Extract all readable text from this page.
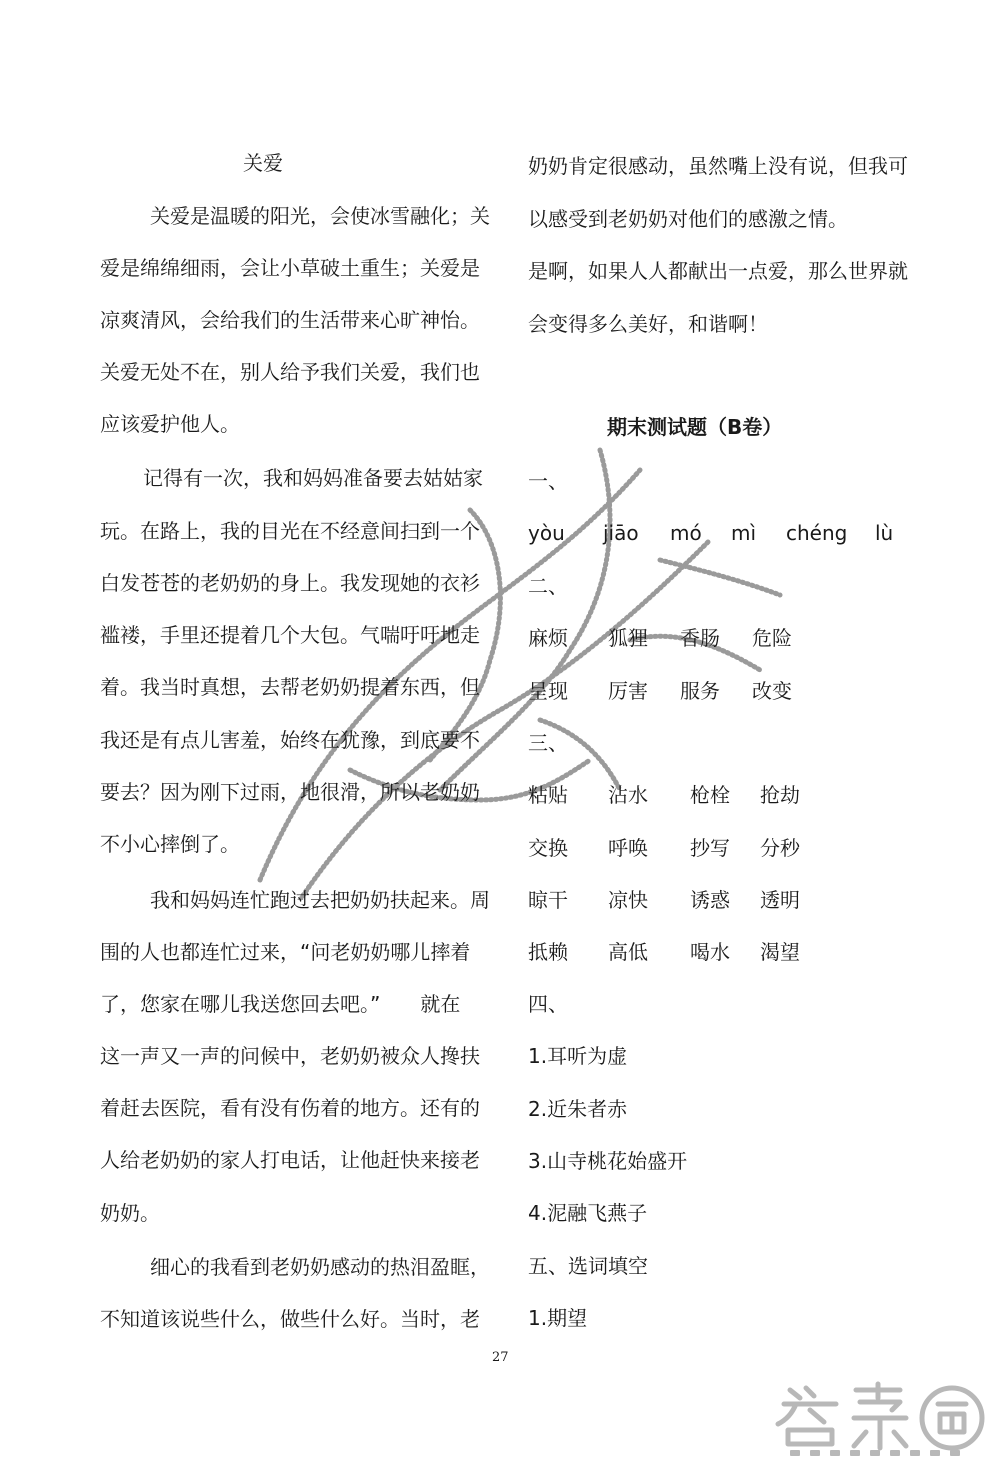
关爱
关爱是温暖的阳光，会使冰雪融化；关
爱是绵绵细雨，会让小草破土重生；关爱是
凉爽清风，会给我们的生活带来心旷神怡。
关爱无处不在，别人给予我们关爱，我们也
应该爱护他人。
记得有一次，我和妈妈准备要去姑姑家
玩。在路上，我的目光在不经意间扫到一个
白发苍苍的老奶奶的身上。我发现她的衣衫
褴褛，手里还提着几个大包。气喘吁吁地走
着。我当时真想，去帮老奶奶提着东西，但
我还是有点儿害羞，始终在犹豫，到底要不
要去？因为刚下过雨，地很滑，所以老奶奶
不小心摔倒了。
我和妈妈连忙跑过去把奶奶扶起来。周
围的人也都连忙过来，“问老奶奶哪儿摔着
了，您家在哪儿我送您回去吧。”　　就在
这一声又一声的问候中，老奶奶被众人搀扶
着赶去医院，看有没有伤着的地方。还有的
人给老奶奶的家人打电话，让他赶快来接老
奶奶。
细心的我看到老奶奶感动的热泪盈眶，
不知道该说些什么，做些什么好。当时，老
奶奶肯定很感动，虽然嘴上没有说，但我可
以感受到老奶奶对他们的感激之情。
是啊，如果人人都献出一点爱，那么世界就
会变得多么美好，和谐啊！
期末测试题（B卷）
一、
yòu jiāo mó mì chéng lù
二、
麻烦 狐狸 香肠 危险
呈现 厉害 服务 改变
三、
粘贴 沾水 枪栓 抢劫
交换 呼唤 抄写 分秒
晾干 凉快 诱惑 透明
抵赖 高低 喝水 渴望
四、
1.耳听为虚
2.近朱者赤
3.山寺桃花始盛开
4.泥融飞燕子
五、选词填空
1.期望
27
